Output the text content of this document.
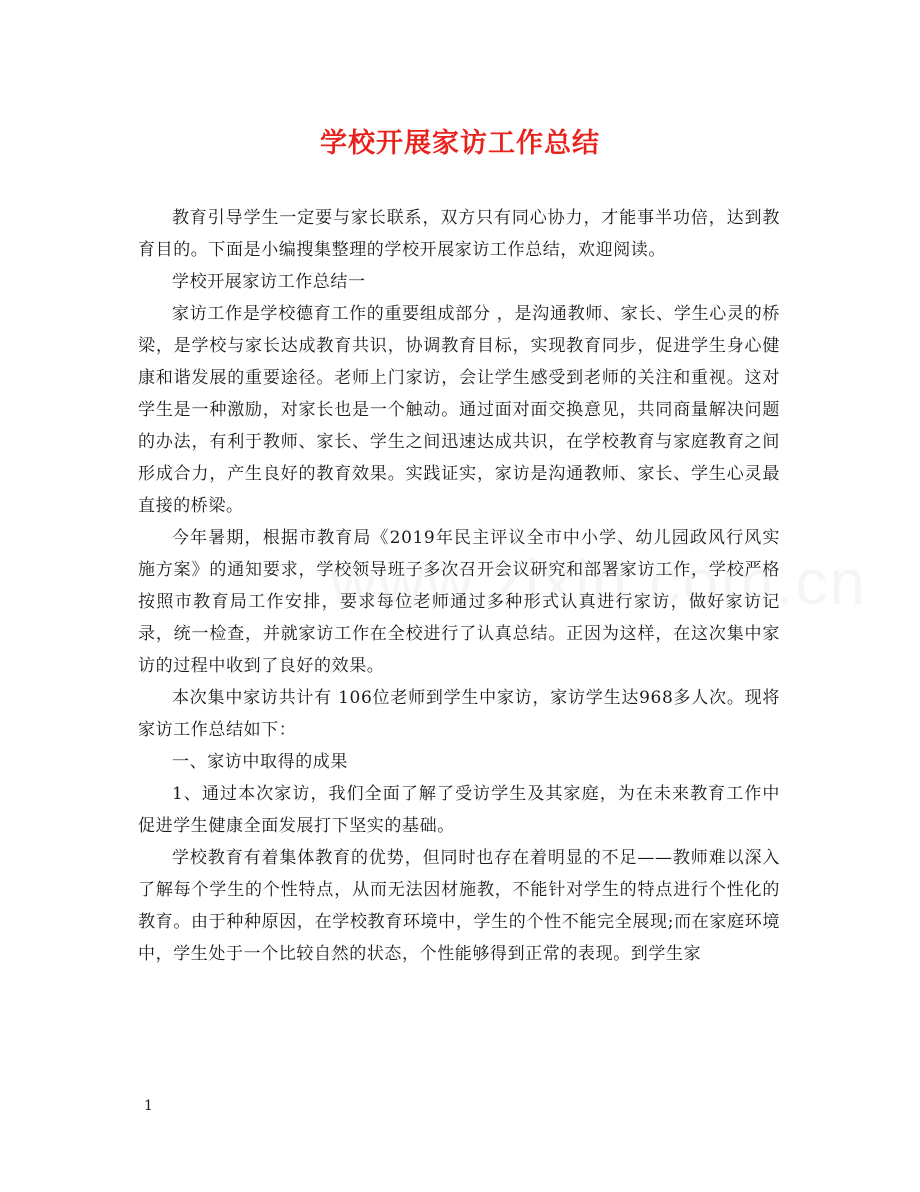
学校开展家访工作总结

教育引导学生一定要与家长联系，双方只有同心协力，才能事半功倍，达到教育目的。下面是小编搜集整理的学校开展家访工作总结，欢迎阅读。

学校开展家访工作总结一

家访工作是学校德育工作的重要组成部分 ，是沟通教师、家长、学生心灵的桥梁，是学校与家长达成教育共识，协调教育目标，实现教育同步，促进学生身心健康和谐发展的重要途径。老师上门家访，会让学生感受到老师的关注和重视。这对学生是一种激励，对家长也是一个触动。通过面对面交换意见，共同商量解决问题的办法，有利于教师、家长、学生之间迅速达成共识，在学校教育与家庭教育之间形成合力，产生良好的教育效果。实践证实，家访是沟通教师、家长、学生心灵最直接的桥梁。

今年暑期，根据市教育局《2019年民主评议全市中小学、幼儿园政风行风实施方案》的通知要求，学校领导班子多次召开会议研究和部署家访工作，学校严格按照市教育局工作安排，要求每位老师通过多种形式认真进行家访，做好家访记录，统一检查，并就家访工作在全校进行了认真总结。正因为这样，在这次集中家访的过程中收到了良好的效果。

本次集中家访共计有 106位老师到学生中家访，家访学生达968多人次。现将家访工作总结如下：

一、家访中取得的成果

1、通过本次家访，我们全面了解了受访学生及其家庭，为在未来教育工作中促进学生健康全面发展打下坚实的基础。

学校教育有着集体教育的优势，但同时也存在着明显的不足——教师难以深入了解每个学生的个性特点，从而无法因材施教，不能针对学生的特点进行个性化的教育。由于种种原因，在学校教育环境中，学生的个性不能完全展现;而在家庭环境中，学生处于一个比较自然的状态，个性能够得到正常的表现。到学生家

1
